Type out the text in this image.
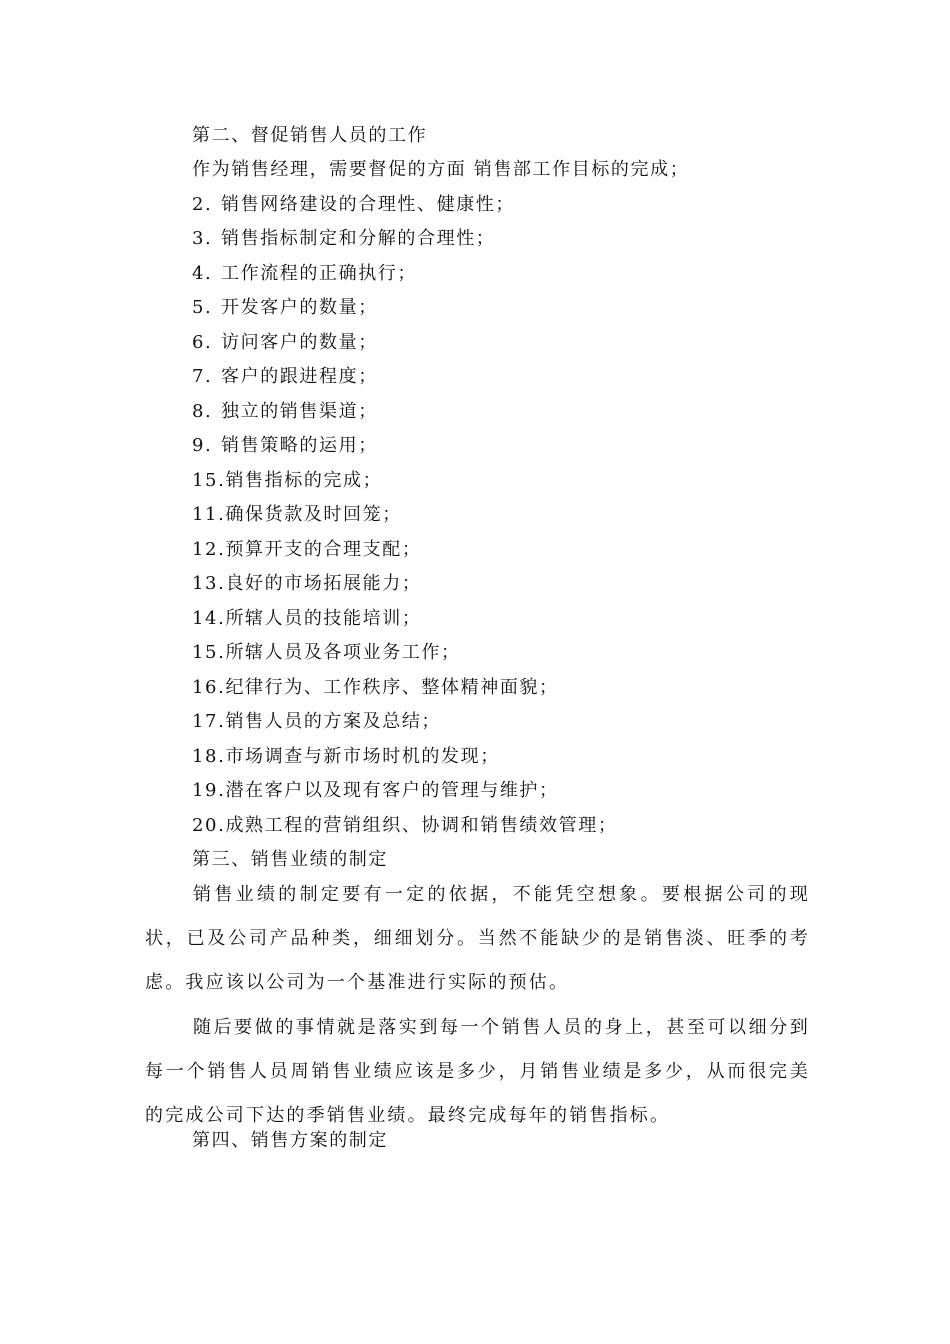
第二、督促销售人员的工作
作为销售经理，需要督促的方面 销售部工作目标的完成；
2. 销售网络建设的合理性、健康性；
3. 销售指标制定和分解的合理性；
4. 工作流程的正确执行；
5. 开发客户的数量；
6. 访问客户的数量；
7. 客户的跟进程度；
8. 独立的销售渠道；
9. 销售策略的运用；
15.销售指标的完成；
11.确保货款及时回笼；
12.预算开支的合理支配；
13.良好的市场拓展能力；
14.所辖人员的技能培训；
15.所辖人员及各项业务工作；
16.纪律行为、工作秩序、整体精神面貌；
17.销售人员的方案及总结；
18.市场调查与新市场时机的发现；
19.潜在客户以及现有客户的管理与维护；
20.成熟工程的营销组织、协调和销售绩效管理；
第三、销售业绩的制定

销售业绩的制定要有一定的依据，不能凭空想象。要根据公司的现状，已及公司产品种类，细细划分。当然不能缺少的是销售淡、旺季的考虑。我应该以公司为一个基准进行实际的预估。

随后要做的事情就是落实到每一个销售人员的身上，甚至可以细分到每一个销售人员周销售业绩应该是多少，月销售业绩是多少，从而很完美的完成公司下达的季销售业绩。最终完成每年的销售指标。

第四、销售方案的制定
